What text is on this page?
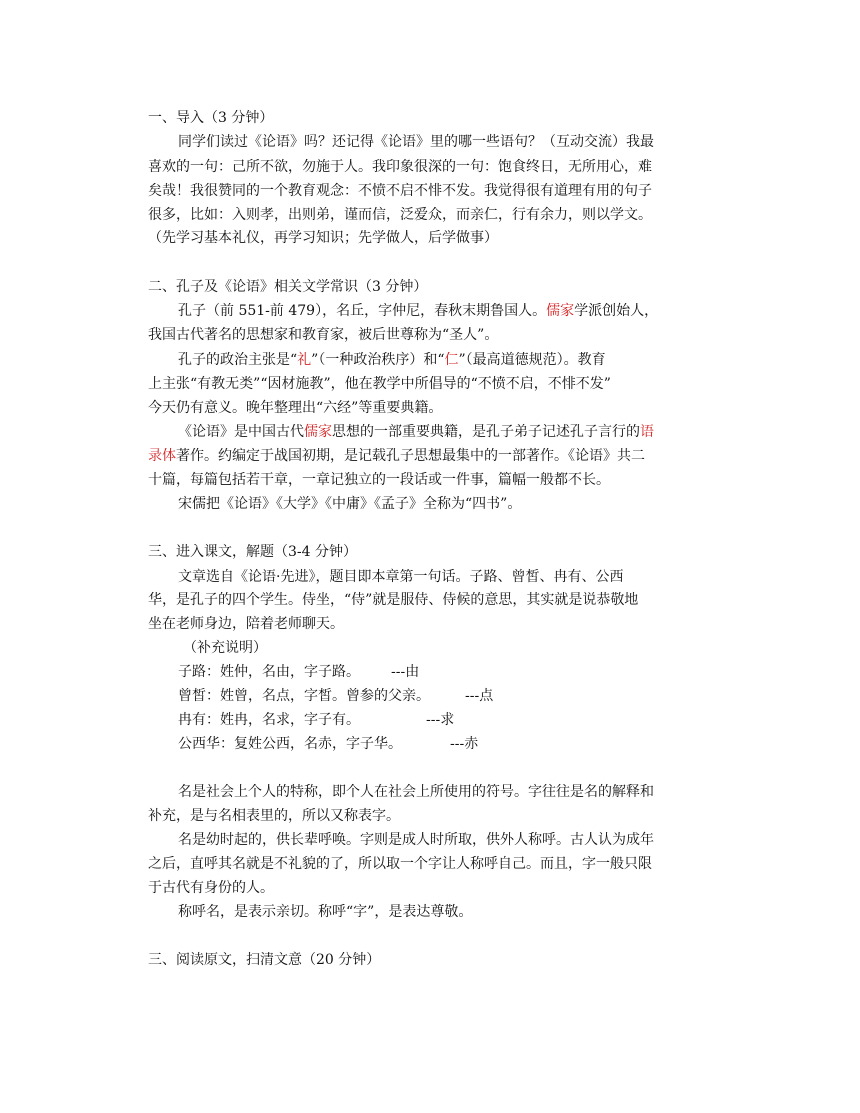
一、导入（3 分钟）
同学们读过《论语》吗？还记得《论语》里的哪一些语句？（互动交流）我最
喜欢的一句：己所不欲，勿施于人。我印象很深的一句：饱食终日，无所用心，难
矣哉！我很赞同的一个教育观念：不愤不启不悱不发。我觉得很有道理有用的句子
很多，比如：入则孝，出则弟，谨而信，泛爱众，而亲仁，行有余力，则以学文。
（先学习基本礼仪，再学习知识；先学做人，后学做事）
二、孔子及《论语》相关文学常识（3 分钟）
孔子（前 551-前 479），名丘，字仲尼，春秋末期鲁国人。儒家学派创始人，
我国古代著名的思想家和教育家，被后世尊称为“圣人”。
孔子的政治主张是“礼”（一种政治秩序）和“仁”（最高道德规范）。教育
上主张“有教无类”“因材施教”，他在教学中所倡导的“不愤不启，不悱不发”
今天仍有意义。晚年整理出“六经”等重要典籍。
《论语》是中国古代儒家思想的一部重要典籍，是孔子弟子记述孔子言行的语
录体著作。约编定于战国初期，是记载孔子思想最集中的一部著作。《论语》共二
十篇，每篇包括若干章，一章记独立的一段话或一件事，篇幅一般都不长。
宋儒把《论语》《大学》《中庸》《孟子》全称为“四书”。
三、进入课文，解题（3-4 分钟）
文章选自《论语·先进》，题目即本章第一句话。子路、曾皙、冉有、公西
华，是孔子的四个学生。侍坐，“侍”就是服侍、侍候的意思，其实就是说恭敬地
坐在老师身边，陪着老师聊天。
（补充说明）
子路：姓仲，名由，字子路。 ---由
曾皙：姓曾，名点，字皙。曾参的父亲。	---点
冉有：姓冉，名求，字子有。	---求
公西华：复姓公西，名赤，字子华。	---赤
名是社会上个人的特称，即个人在社会上所使用的符号。字往往是名的解释和
补充，是与名相表里的，所以又称表字。
名是幼时起的，供长辈呼唤。字则是成人时所取，供外人称呼。古人认为成年
之后，直呼其名就是不礼貌的了，所以取一个字让人称呼自己。而且，字一般只限
于古代有身份的人。
称呼名，是表示亲切。称呼“字”，是表达尊敬。
三、阅读原文，扫清文意（20 分钟）
